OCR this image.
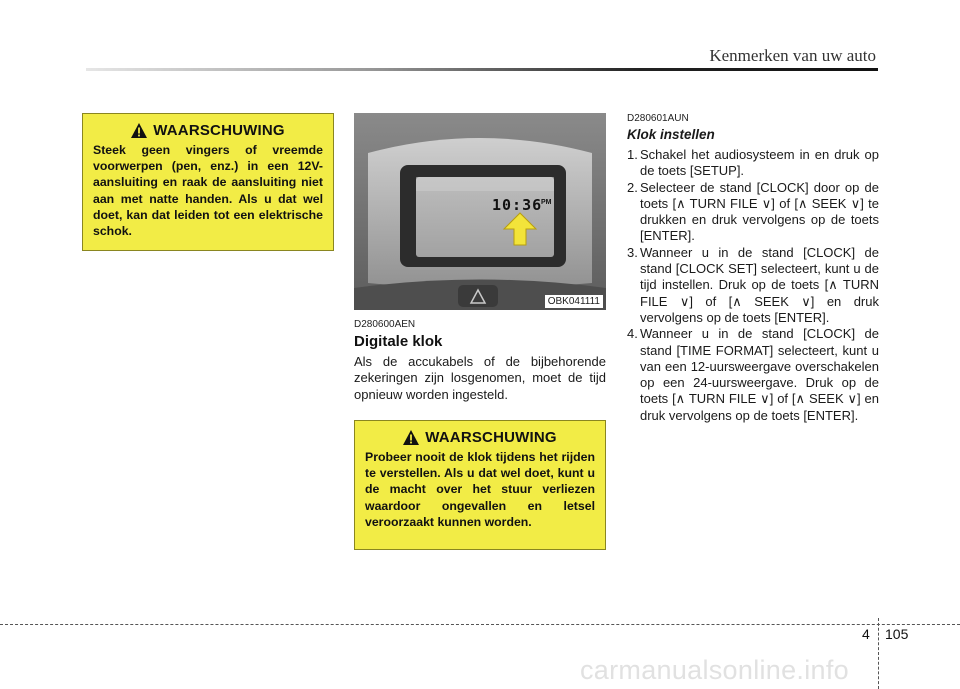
Kenmerken van uw auto
WAARSCHUWING
Steek geen vingers of vreemde voorwerpen (pen, enz.) in een 12V-aansluiting en raak de aansluiting niet aan met natte handen. Als u dat wel doet, kan dat leiden tot een elektrische schok.
10:36
PM
OBK041111
D280600AEN
Digitale klok
Als de accukabels of de bijbehorende zekeringen zijn losgenomen, moet de tijd opnieuw worden ingesteld.
WAARSCHUWING
Probeer nooit de klok tijdens het rijden te verstellen. Als u dat wel doet, kunt u de macht over het stuur verliezen waardoor ongevallen en letsel veroorzaakt kunnen worden.
D280601AUN
Klok instellen
1. Schakel het audiosysteem in en druk op de toets [SETUP].
2. Selecteer de stand [CLOCK] door op de toets [∧ TURN FILE ∨] of [∧ SEEK ∨] te drukken en druk vervolgens op de toets [ENTER].
3. Wanneer u in de stand [CLOCK] de stand [CLOCK SET] selecteert, kunt u de tijd instellen. Druk op de toets [∧ TURN FILE ∨] of [∧ SEEK ∨] en druk vervolgens op de toets [ENTER].
4. Wanneer u in de stand [CLOCK] de stand [TIME FORMAT] selecteert, kunt u van een 12-uursweergave overschakelen op een 24-uursweergave. Druk op de toets [∧ TURN FILE ∨] of [∧ SEEK ∨] en druk vervolgens op de toets [ENTER].
4 105
carmanualsonline.info
